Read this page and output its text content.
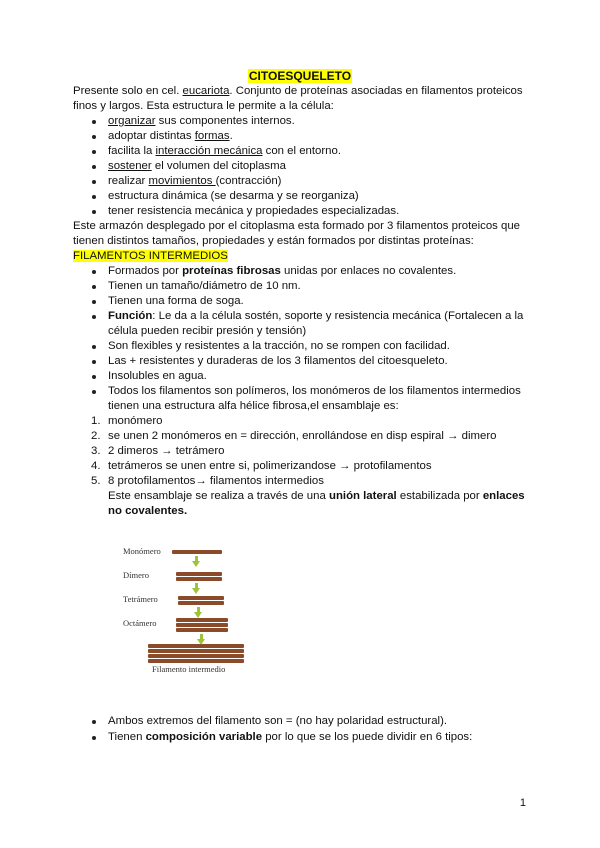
CITOESQUELETO
Presente solo en cel. eucariota. Conjunto de proteínas asociadas en filamentos proteicos
finos y largos. Esta estructura le permite a la célula:
organizar sus componentes internos.
adoptar distintas formas.
facilita la interacción mecánica con el entorno.
sostener el volumen del citoplasma
realizar movimientos (contracción)
estructura dinámica (se desarma y se reorganiza)
tener resistencia mecánica y propiedades especializadas.
Este armazón desplegado por el citoplasma esta formado por 3 filamentos proteicos que
tienen distintos tamaños, propiedades y están formados por distintas proteínas:
FILAMENTOS INTERMEDIOS
Formados por proteínas fibrosas unidas por enlaces no covalentes.
Tienen un tamaño/diámetro de 10 nm.
Tienen una forma de soga.
Función: Le da a la célula sostén, soporte y resistencia mecánica (Fortalecen a la
célula pueden recibir presión y tensión)
Son flexibles y resistentes a la tracción, no se rompen con facilidad.
Las + resistentes y duraderas de los 3 filamentos del citoesqueleto.
Insolubles en agua.
Todos los filamentos son polímeros, los monómeros de los filamentos intermedios
tienen una estructura alfa hélice fibrosa,el ensamblaje es:
1. monómero
2. se unen 2 monómeros en = dirección, enrollándose en disp espiral → dimero
3. 2 dimeros → tetrámero
4. tetrámeros se unen entre si, polimerizandose → protofilamentos
5. 8 protofilamentos→ filamentos intermedios
Este ensamblaje se realiza a través de una unión lateral estabilizada por enlaces
no covalentes.
Monómero
Dímero
Tetrámero
Octámero
Filamento intermedio
Ambos extremos del filamento son = (no hay polaridad estructural).
Tienen composición variable por lo que se los puede dividir en 6 tipos:
1
